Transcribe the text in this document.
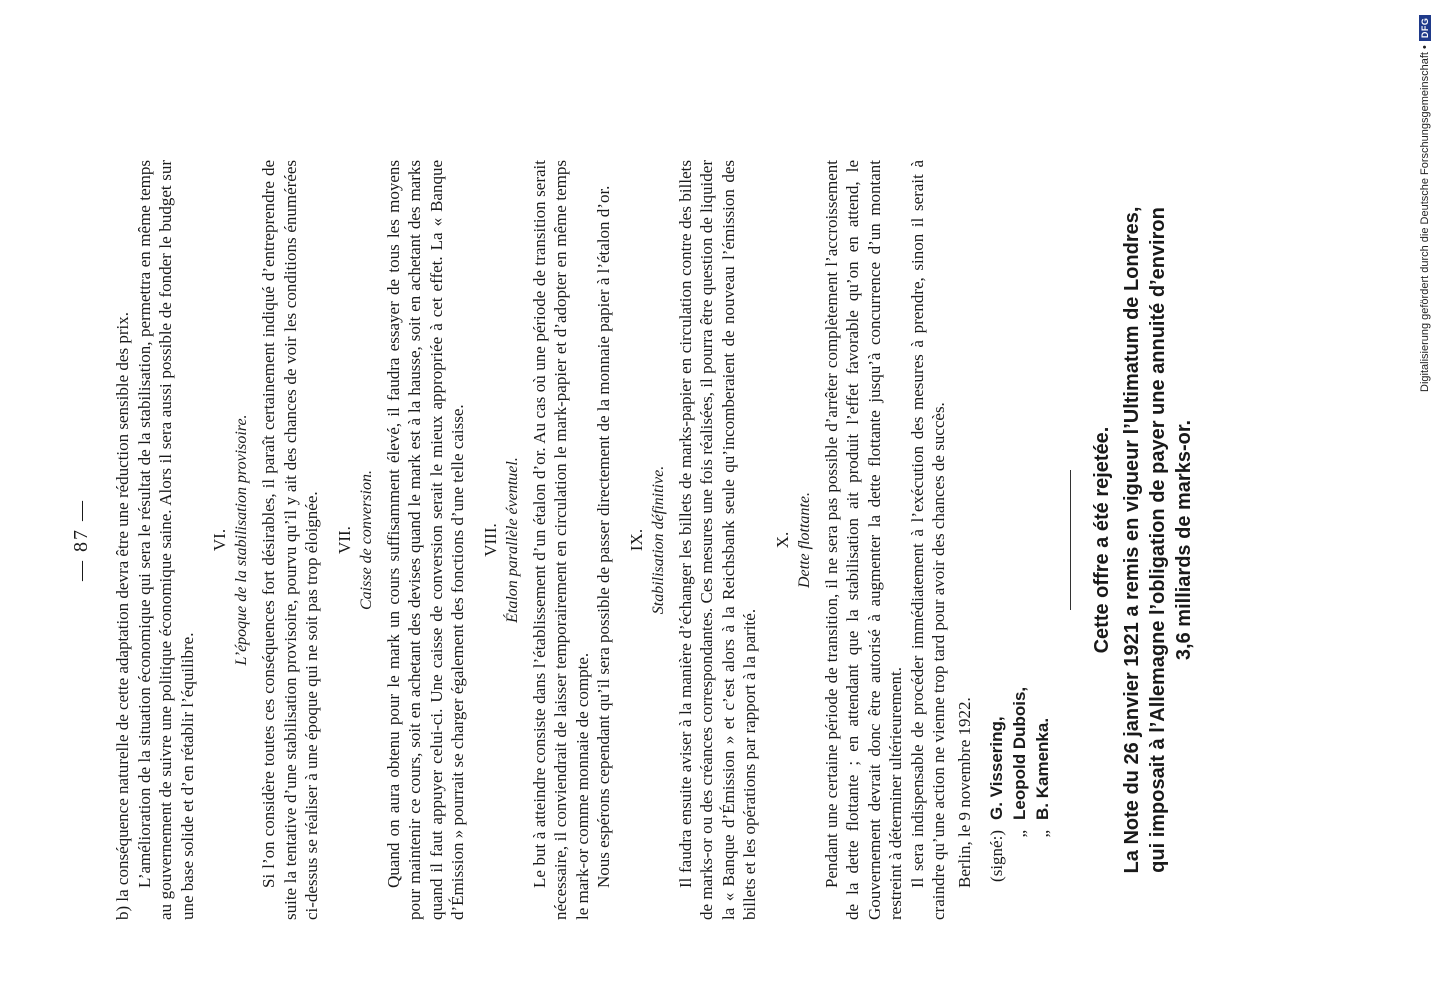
— 87 — b) la conséquence naturelle de cette adaptation devra être une réduction sensible des prix. L’amélioration de la situation économique qui sera le résultat de la stabilisation, permettra en même temps au gouvernement de suivre une politique économique saine. Alors il sera aussi possible de fonder le budget sur une base solide et d’en rétablir l’équilibre.

VI. L’époque de la stabilisation provisoire. Si l’on considère toutes ces conséquences fort désirables, il paraît certainement indiqué d’entreprendre de suite la tentative d’une stabilisation provisoire, pourvu qu’il y ait des chances de voir les conditions énumérées ci-dessus se réaliser à une époque qui ne soit pas trop éloignée. VII. Caisse de conversion. Quand on aura obtenu pour le mark un cours suffisamment élevé, il faudra essayer de tous les moyens pour maintenir ce cours, soit en achetant des devises quand le mark est à la hausse, soit en achetant des marks quand il faut appuyer celui-ci. Une caisse de conversion serait le mieux appropriée à cet effet. La « Banque d’Émission » pourrait se charger également des fonctions d’une telle caisse. VIII. Étalon parallèle éventuel. Le but à atteindre consiste dans l’établissement d’un étalon d’or. Au cas où une période de transition serait nécessaire, il conviendrait de laisser temporairement en circulation le mark-papier et d’adopter en même temps le mark-or comme monnaie de compte. Nous espérons cependant qu’il sera possible de passer directement de la monnaie papier à l’étalon d’or. IX. Stabilisation définitive. Il faudra ensuite aviser à la manière d’échanger les billets de marks-papier en circulation contre des billets de marks-or ou des créances correspondantes. Ces mesures une fois réalisées, il pourra être question de liquider la « Banque d’Émission » et c’est alors à la Reichsbank seule qu’incomberaient de nouveau l’émission des billets et les opérations par rapport à la parité.

X. Dette flottante. Pendant une certaine période de transition, il ne sera pas possible d’arrêter complètement l’accroissement de la dette flottante ; en attendant que la stabilisation ait produit l’effet favorable qu’on en attend, le Gouvernement devrait donc être autorisé à augmenter la dette flottante jusqu’à concurrence d’un montant restreint à déterminer ultérieurement. Il sera indispensable de procéder immédiatement à l’exécution des mesures à prendre, sinon il serait à craindre qu’une action ne vienne trop tard pour avoir des chances de succès. Berlin, le 9 novembre 1922. (signé:)
G. Vissering,
„
Leopold Dubois,
„
B. Kamenka.
Cette offre a été rejetée. La Note du 26 janvier 1921 a remis en vigueur l’Ultimatum de Londres, qui imposait à l’Allemagne l’obligation de payer une annuité d’environ 3,6 milliards de marks-or.
Digitalisierung gefördert durch die Deutsche Forschungsgemeinschaft •
DFG
